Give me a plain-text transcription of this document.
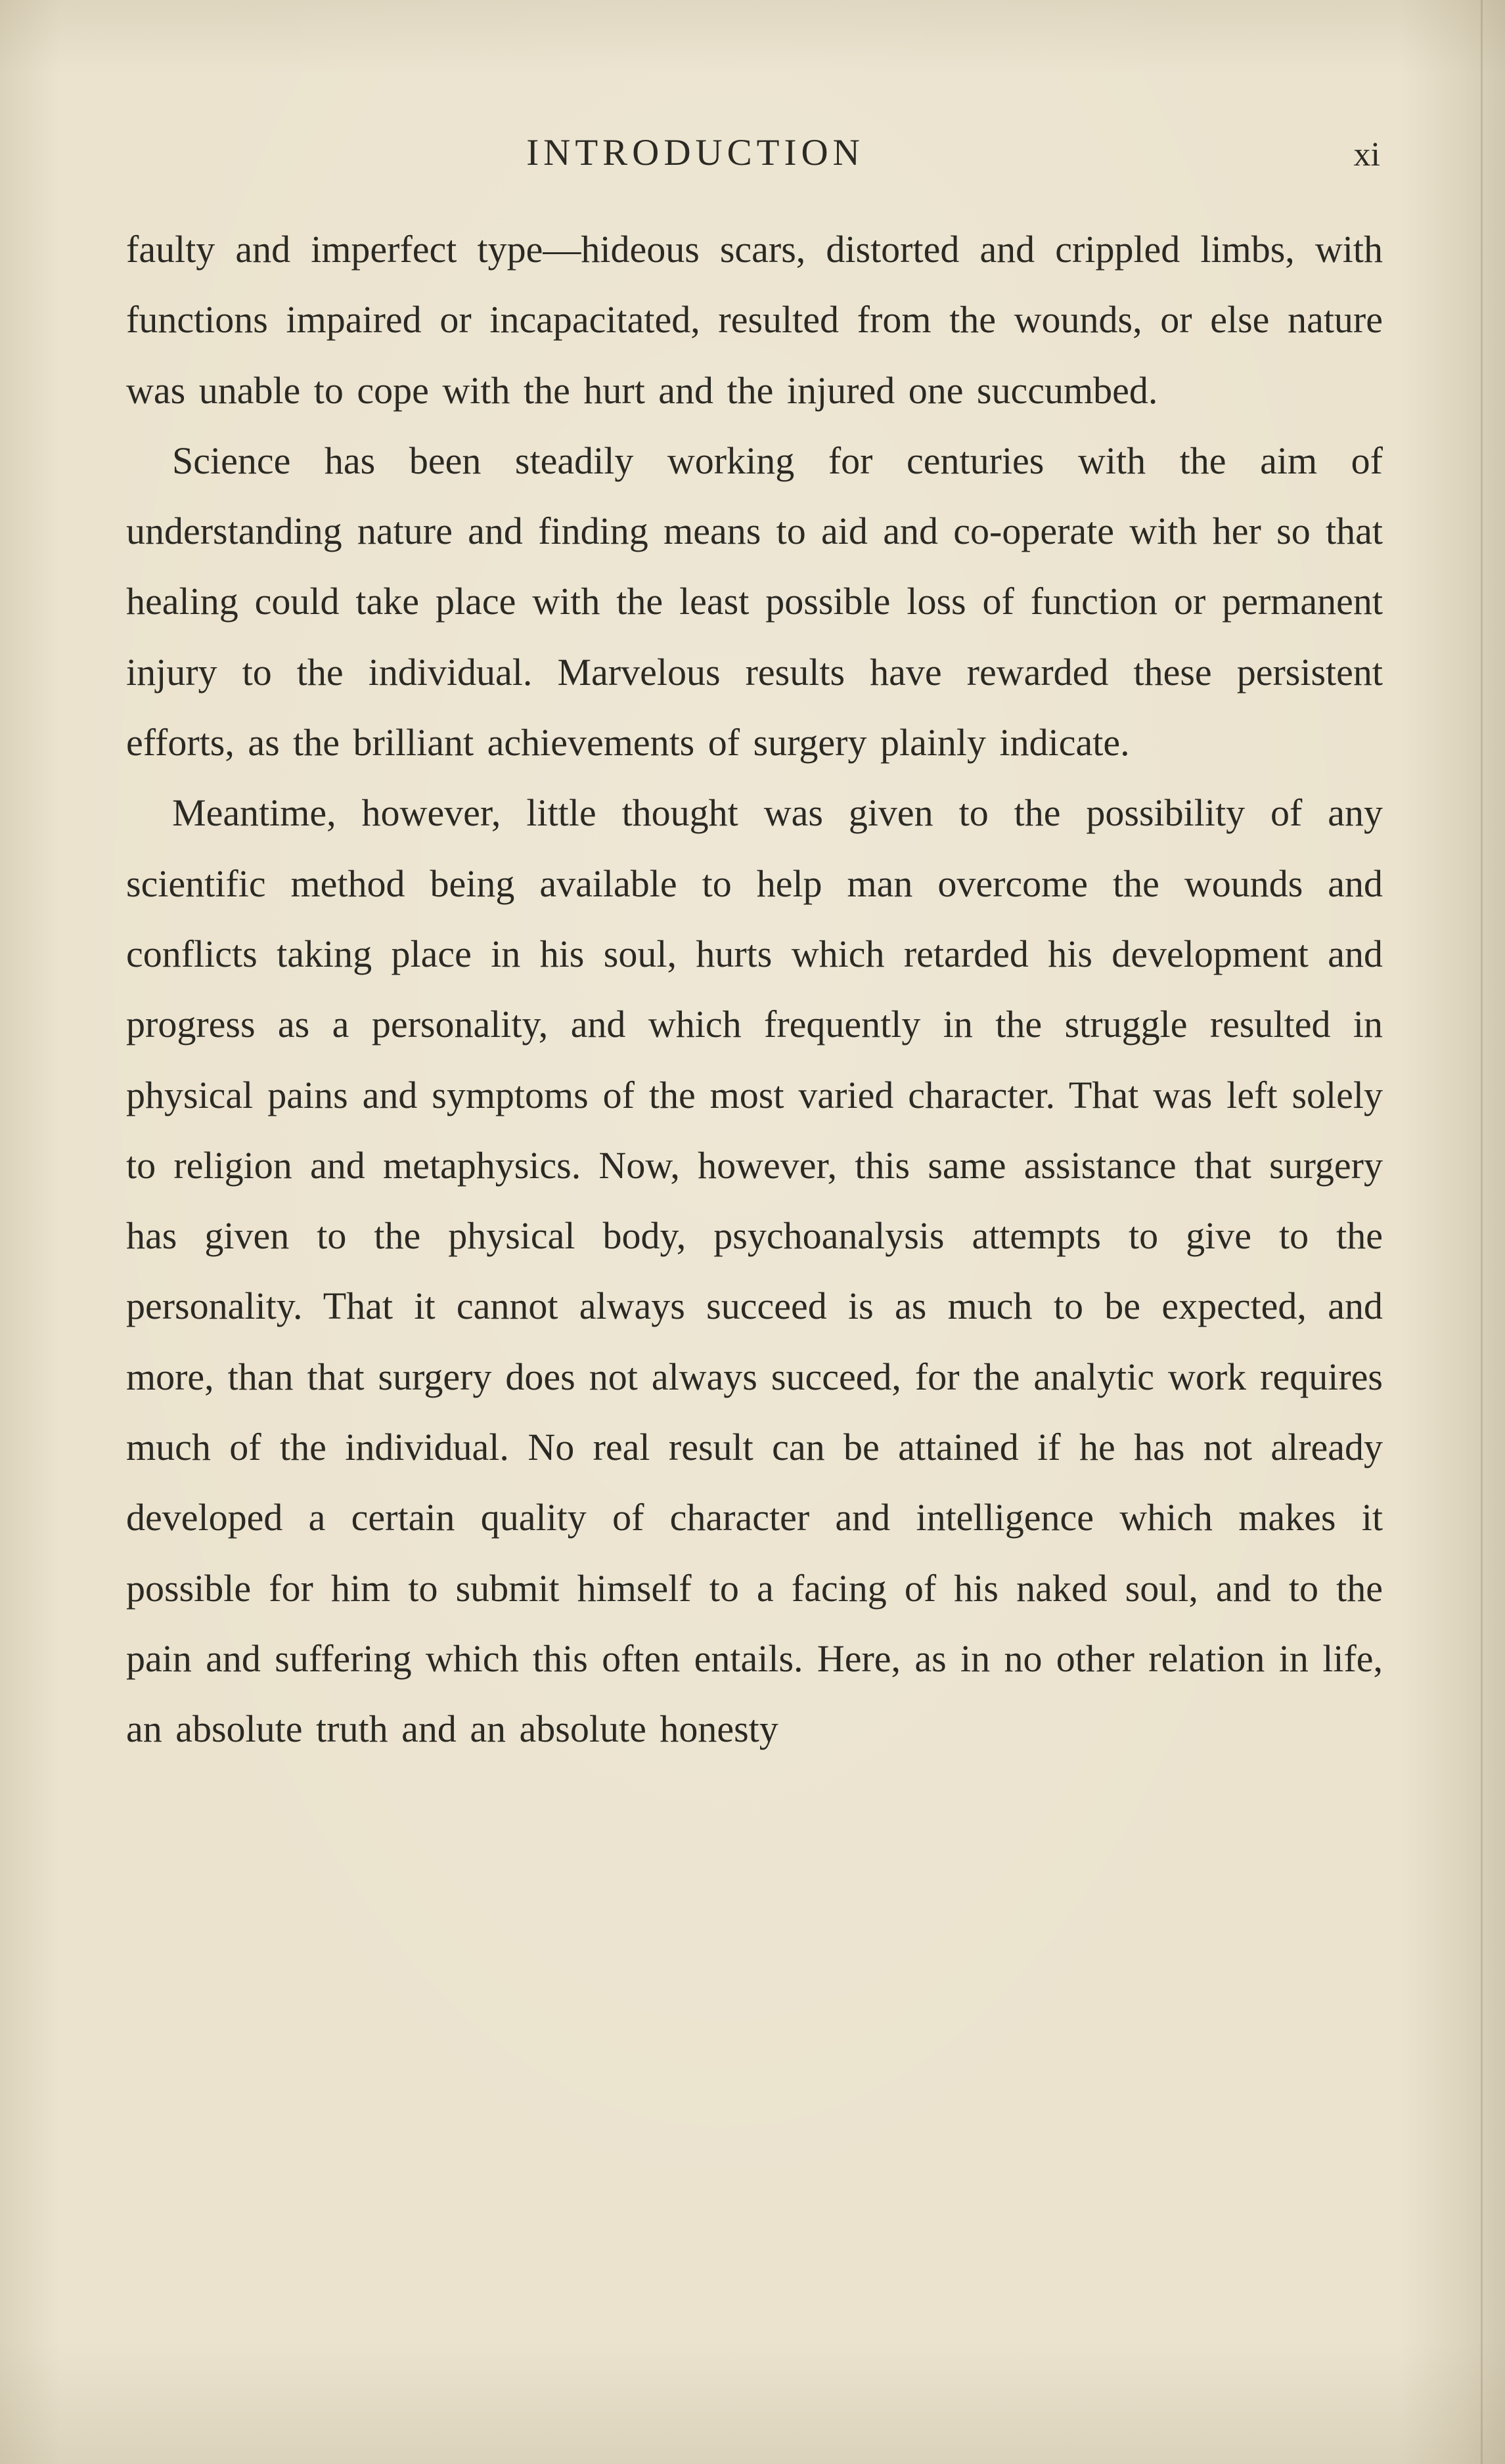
INTRODUCTION	xi

faulty and imperfect type—hideous scars, distorted and crippled limbs, with functions impaired or incapacitated, resulted from the wounds, or else nature was unable to cope with the hurt and the injured one succumbed.

Science has been steadily working for centuries with the aim of understanding nature and finding means to aid and co-operate with her so that healing could take place with the least possible loss of function or permanent injury to the individual. Marvelous results have rewarded these persistent efforts, as the brilliant achievements of surgery plainly indicate.

Meantime, however, little thought was given to the possibility of any scientific method being available to help man overcome the wounds and conflicts taking place in his soul, hurts which retarded his development and progress as a personality, and which frequently in the struggle resulted in physical pains and symptoms of the most varied character. That was left solely to religion and metaphysics. Now, however, this same assistance that surgery has given to the physical body, psychoanalysis attempts to give to the personality. That it cannot always succeed is as much to be expected, and more, than that surgery does not always succeed, for the analytic work requires much of the individual. No real result can be attained if he has not already developed a certain quality of character and intelligence which makes it possible for him to submit himself to a facing of his naked soul, and to the pain and suffering which this often entails. Here, as in no other relation in life, an absolute truth and an absolute honesty
